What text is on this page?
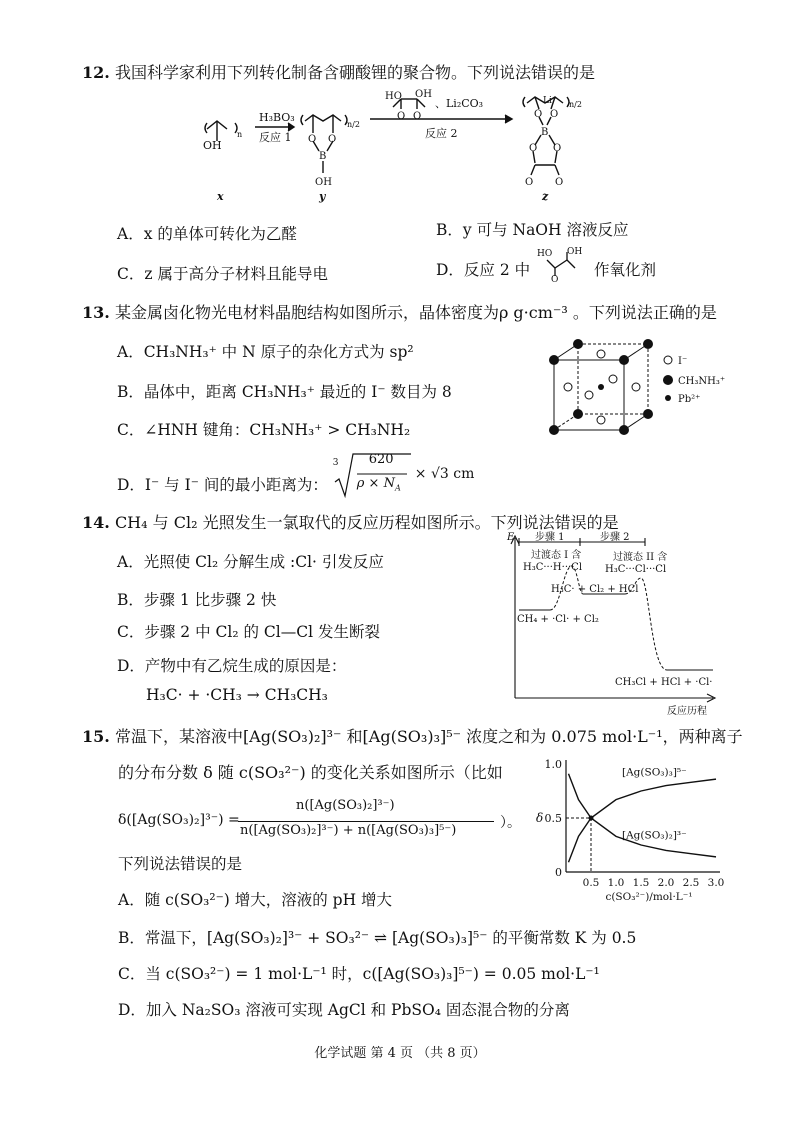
12. 我国科学家利用下列转化制备含硼酸锂的聚合物。下列说法错误的是
OH
n
H₃BO₃
反应 1
n/2
O O
B
OH
HO OH
O O
、Li₂CO₃
反应 2
n/2
Li⁺
O O
B
O O
O O
x	y	z
A．x 的单体可转化为乙醛	B．y 可与 NaOH 溶液反应
C．z 属于高分子材料且能导电	D．反应 2 中
HO OH
O
作氧化剂
13. 某金属卤化物光电材料晶胞结构如图所示，晶体密度为ρ g·cm⁻³ 。下列说法正确的是
A．CH₃NH₃⁺ 中 N 原子的杂化方式为 sp²
B．晶体中，距离 CH₃NH₃⁺ 最近的 I⁻ 数目为 8
C．∠HNH 键角：CH₃NH₃⁺ > CH₃NH₂
D．I⁻ 与 I⁻ 间的最小距离为：
3 620
$\rho \times N_A$
× √3 cm
I⁻
CH₃NH₃⁺
Pb²⁺
14. CH₄ 与 Cl₂ 光照发生一氯取代的反应历程如图所示。下列说法错误的是
A．光照使 Cl₂ 分解生成 :Cl· 引发反应
B．步骤 1 比步骤 2 快
C．步骤 2 中 Cl₂ 的 Cl—Cl 发生断裂
D．产物中有乙烷生成的原因是：
H₃C· + ·CH₃ → CH₃CH₃
E 步骤 1	步骤 2
过渡态 I 含
H₃C···H···Cl
过渡态 II 含
H₃C···Cl···Cl
H₃C· + Cl₂ + HCl
CH₄ + ·Cl· + Cl₂
CH₃Cl + HCl + ·Cl·
反应历程
15. 常温下，某溶液中[Ag(SO₃)₂]³⁻ 和[Ag(SO₃)₃]⁵⁻ 浓度之和为 0.075 mol·L⁻¹，两种离子
的分布分数 δ 随 c(SO₃²⁻) 的变化关系如图所示（比如
δ([Ag(SO₃)₂]³⁻) =
n([Ag(SO₃)₂]³⁻)
n([Ag(SO₃)₂]³⁻) + n([Ag(SO₃)₃]⁵⁻)	）。
下列说法错误的是	0
0.5
1.0
0.5 1.0 1.5 2.0 2.5 3.0
c(SO₃²⁻)/mol·L⁻¹
δ
[Ag(SO₃)₃]⁵⁻
[Ag(SO₃)₂]³⁻
A．随 c(SO₃²⁻) 增大，溶液的 pH 增大
B．常温下，[Ag(SO₃)₂]³⁻ + SO₃²⁻ ⇌ [Ag(SO₃)₃]⁵⁻ 的平衡常数 K 为 0.5
C．当 c(SO₃²⁻) = 1 mol·L⁻¹ 时，c([Ag(SO₃)₃]⁵⁻) = 0.05 mol·L⁻¹
D．加入 Na₂SO₃ 溶液可实现 AgCl 和 PbSO₄ 固态混合物的分离
化学试题 第 4 页 （共 8 页）
